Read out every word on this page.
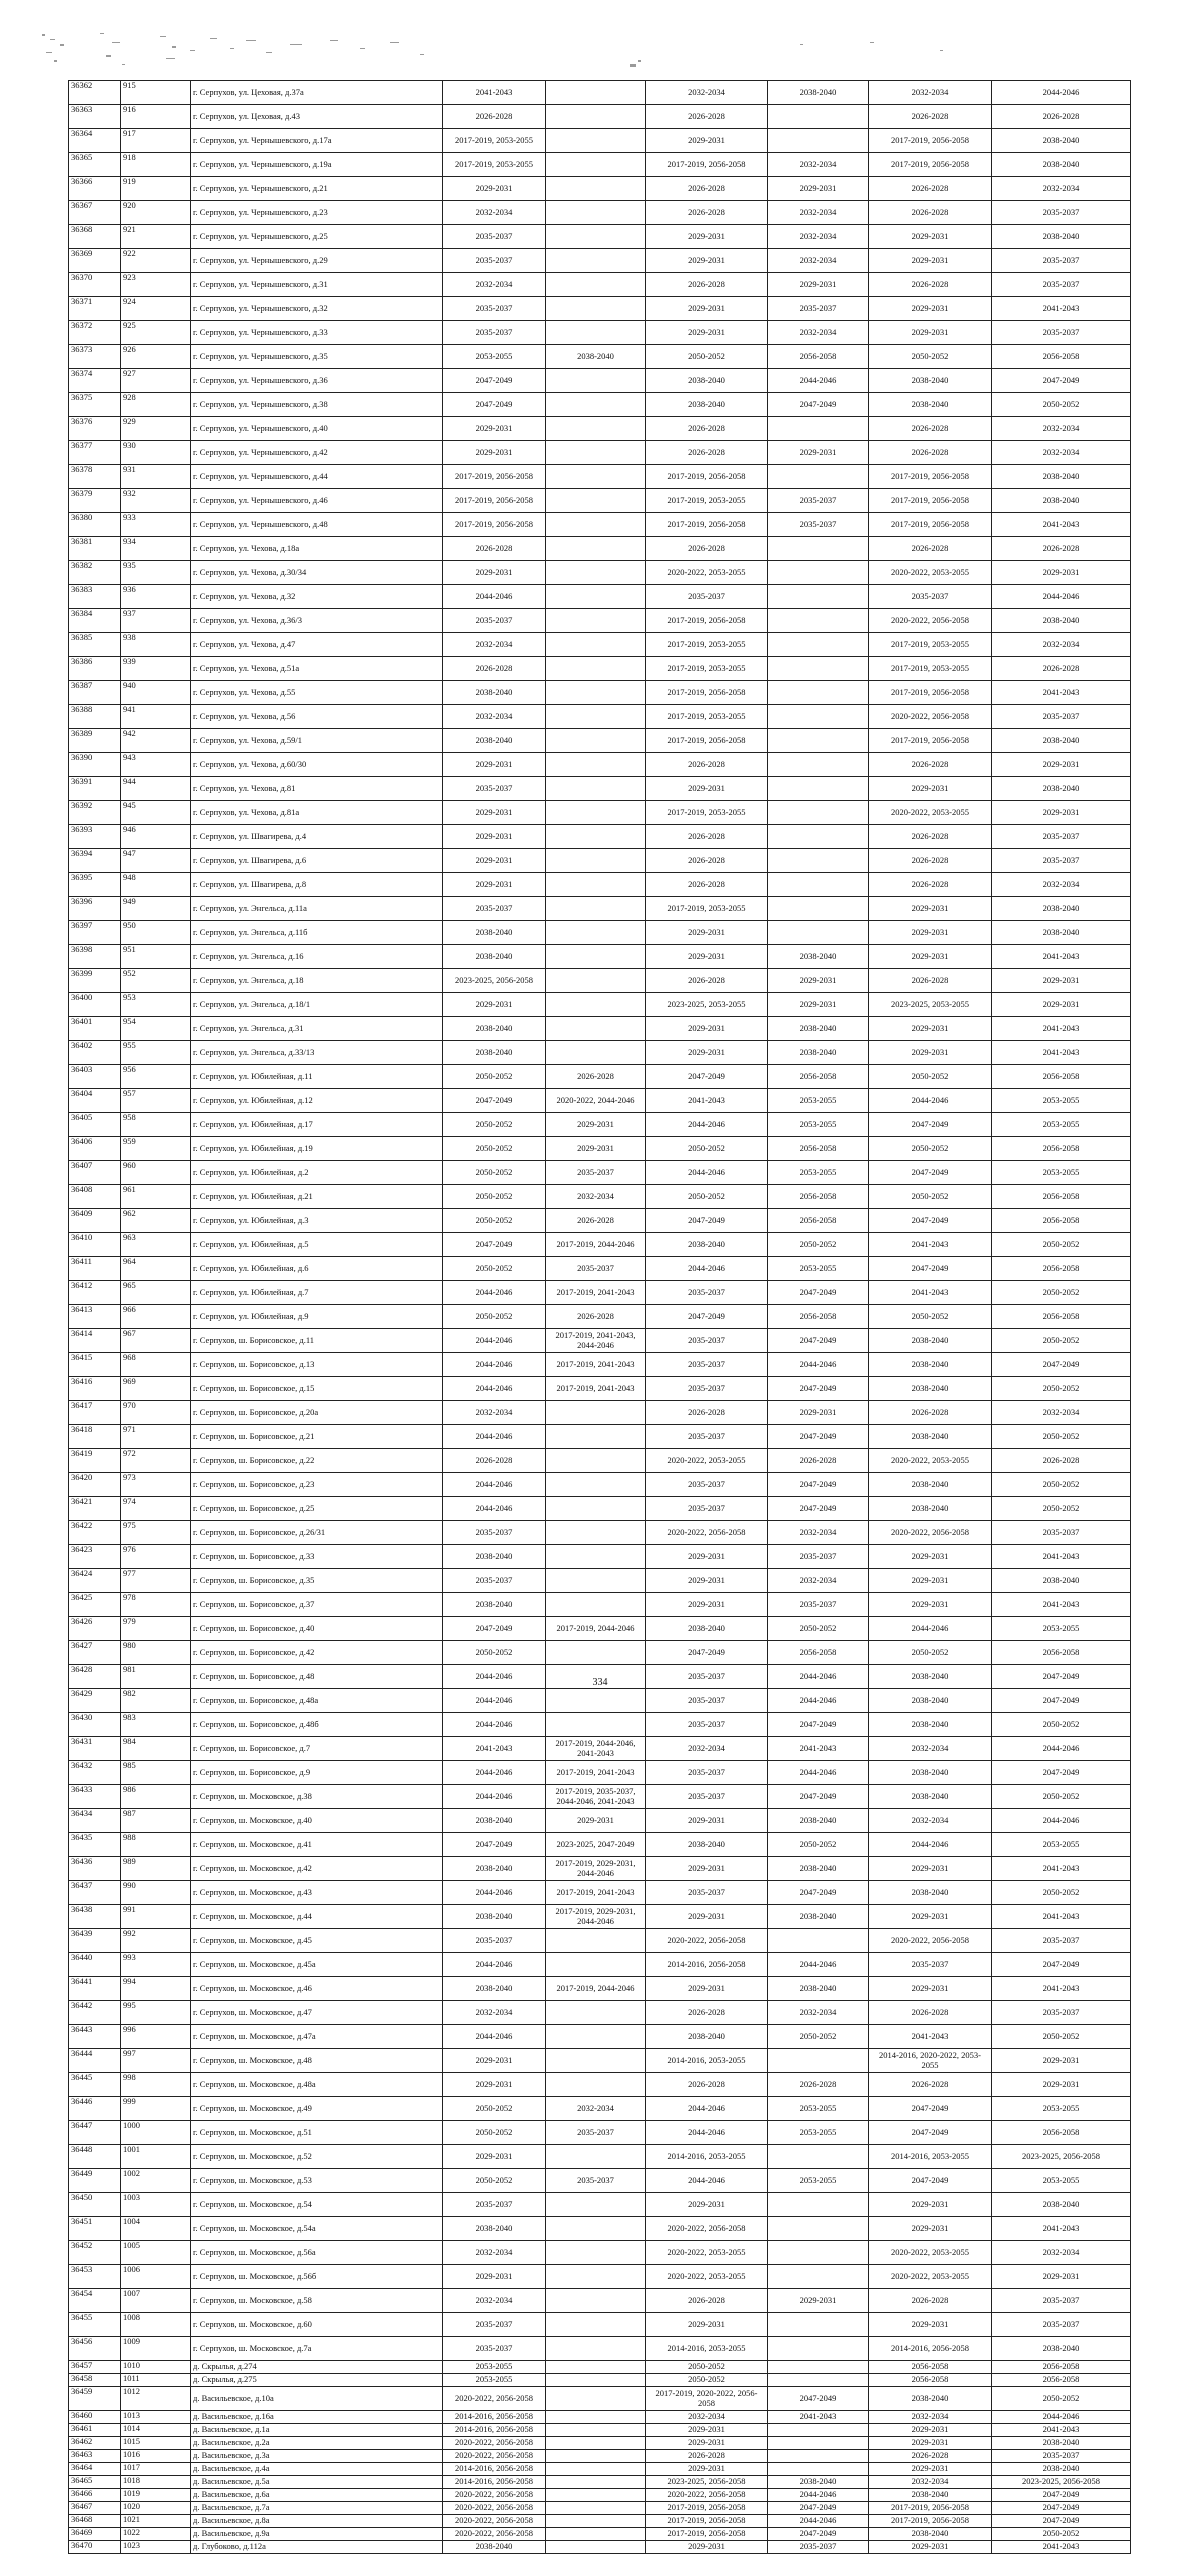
36362	915	г. Серпухов, ул. Цеховая, д.37а	2041-2043		2032-2034	2038-2040	2032-2034	2044-2046
36363	916	г. Серпухов, ул. Цеховая, д.43	2026-2028		2026-2028		2026-2028	2026-2028
36364	917	г. Серпухов, ул. Чернышевского, д.17а	2017-2019, 2053-2055		2029-2031		2017-2019, 2056-2058	2038-2040
36365	918	г. Серпухов, ул. Чернышевского, д.19а	2017-2019, 2053-2055		2017-2019, 2056-2058	2032-2034	2017-2019, 2056-2058	2038-2040
36366	919	г. Серпухов, ул. Чернышевского, д.21	2029-2031		2026-2028	2029-2031	2026-2028	2032-2034
36367	920	г. Серпухов, ул. Чернышевского, д.23	2032-2034		2026-2028	2032-2034	2026-2028	2035-2037
36368	921	г. Серпухов, ул. Чернышевского, д.25	2035-2037		2029-2031	2032-2034	2029-2031	2038-2040
36369	922	г. Серпухов, ул. Чернышевского, д.29	2035-2037		2029-2031	2032-2034	2029-2031	2035-2037
36370	923	г. Серпухов, ул. Чернышевского, д.31	2032-2034		2026-2028	2029-2031	2026-2028	2035-2037
36371	924	г. Серпухов, ул. Чернышевского, д.32	2035-2037		2029-2031	2035-2037	2029-2031	2041-2043
36372	925	г. Серпухов, ул. Чернышевского, д.33	2035-2037		2029-2031	2032-2034	2029-2031	2035-2037
36373	926	г. Серпухов, ул. Чернышевского, д.35	2053-2055	2038-2040	2050-2052	2056-2058	2050-2052	2056-2058
36374	927	г. Серпухов, ул. Чернышевского, д.36	2047-2049		2038-2040	2044-2046	2038-2040	2047-2049
36375	928	г. Серпухов, ул. Чернышевского, д.38	2047-2049		2038-2040	2047-2049	2038-2040	2050-2052
36376	929	г. Серпухов, ул. Чернышевского, д.40	2029-2031		2026-2028		2026-2028	2032-2034
36377	930	г. Серпухов, ул. Чернышевского, д.42	2029-2031		2026-2028	2029-2031	2026-2028	2032-2034
36378	931	г. Серпухов, ул. Чернышевского, д.44	2017-2019, 2056-2058		2017-2019, 2056-2058		2017-2019, 2056-2058	2038-2040
36379	932	г. Серпухов, ул. Чернышевского, д.46	2017-2019, 2056-2058		2017-2019, 2053-2055	2035-2037	2017-2019, 2056-2058	2038-2040
36380	933	г. Серпухов, ул. Чернышевского, д.48	2017-2019, 2056-2058		2017-2019, 2056-2058	2035-2037	2017-2019, 2056-2058	2041-2043
36381	934	г. Серпухов, ул. Чехова, д.18а	2026-2028		2026-2028		2026-2028	2026-2028
36382	935	г. Серпухов, ул. Чехова, д.30/34	2029-2031		2020-2022, 2053-2055		2020-2022, 2053-2055	2029-2031
36383	936	г. Серпухов, ул. Чехова, д.32	2044-2046		2035-2037		2035-2037	2044-2046
36384	937	г. Серпухов, ул. Чехова, д.36/3	2035-2037		2017-2019, 2056-2058		2020-2022, 2056-2058	2038-2040
36385	938	г. Серпухов, ул. Чехова, д.47	2032-2034		2017-2019, 2053-2055		2017-2019, 2053-2055	2032-2034
36386	939	г. Серпухов, ул. Чехова, д.51а	2026-2028		2017-2019, 2053-2055		2017-2019, 2053-2055	2026-2028
36387	940	г. Серпухов, ул. Чехова, д.55	2038-2040		2017-2019, 2056-2058		2017-2019, 2056-2058	2041-2043
36388	941	г. Серпухов, ул. Чехова, д.56	2032-2034		2017-2019, 2053-2055		2020-2022, 2056-2058	2035-2037
36389	942	г. Серпухов, ул. Чехова, д.59/1	2038-2040		2017-2019, 2056-2058		2017-2019, 2056-2058	2038-2040
36390	943	г. Серпухов, ул. Чехова, д.60/30	2029-2031		2026-2028		2026-2028	2029-2031
36391	944	г. Серпухов, ул. Чехова, д.81	2035-2037		2029-2031		2029-2031	2038-2040
36392	945	г. Серпухов, ул. Чехова, д.81а	2029-2031		2017-2019, 2053-2055		2020-2022, 2053-2055	2029-2031
36393	946	г. Серпухов, ул. Швагирева, д.4	2029-2031		2026-2028		2026-2028	2035-2037
36394	947	г. Серпухов, ул. Швагирева, д.6	2029-2031		2026-2028		2026-2028	2035-2037
36395	948	г. Серпухов, ул. Швагирева, д.8	2029-2031		2026-2028		2026-2028	2032-2034
36396	949	г. Серпухов, ул. Энгельса, д.11а	2035-2037		2017-2019, 2053-2055		2029-2031	2038-2040
36397	950	г. Серпухов, ул. Энгельса, д.11б	2038-2040		2029-2031		2029-2031	2038-2040
36398	951	г. Серпухов, ул. Энгельса, д.16	2038-2040		2029-2031	2038-2040	2029-2031	2041-2043
36399	952	г. Серпухов, ул. Энгельса, д.18	2023-2025, 2056-2058		2026-2028	2029-2031	2026-2028	2029-2031
36400	953	г. Серпухов, ул. Энгельса, д.18/1	2029-2031		2023-2025, 2053-2055	2029-2031	2023-2025, 2053-2055	2029-2031
36401	954	г. Серпухов, ул. Энгельса, д.31	2038-2040		2029-2031	2038-2040	2029-2031	2041-2043
36402	955	г. Серпухов, ул. Энгельса, д.33/13	2038-2040		2029-2031	2038-2040	2029-2031	2041-2043
36403	956	г. Серпухов, ул. Юбилейная, д.11	2050-2052	2026-2028	2047-2049	2056-2058	2050-2052	2056-2058
36404	957	г. Серпухов, ул. Юбилейная, д.12	2047-2049	2020-2022, 2044-2046	2041-2043	2053-2055	2044-2046	2053-2055
36405	958	г. Серпухов, ул. Юбилейная, д.17	2050-2052	2029-2031	2044-2046	2053-2055	2047-2049	2053-2055
36406	959	г. Серпухов, ул. Юбилейная, д.19	2050-2052	2029-2031	2050-2052	2056-2058	2050-2052	2056-2058
36407	960	г. Серпухов, ул. Юбилейная, д.2	2050-2052	2035-2037	2044-2046	2053-2055	2047-2049	2053-2055
36408	961	г. Серпухов, ул. Юбилейная, д.21	2050-2052	2032-2034	2050-2052	2056-2058	2050-2052	2056-2058
36409	962	г. Серпухов, ул. Юбилейная, д.3	2050-2052	2026-2028	2047-2049	2056-2058	2047-2049	2056-2058
36410	963	г. Серпухов, ул. Юбилейная, д.5	2047-2049	2017-2019, 2044-2046	2038-2040	2050-2052	2041-2043	2050-2052
36411	964	г. Серпухов, ул. Юбилейная, д.6	2050-2052	2035-2037	2044-2046	2053-2055	2047-2049	2056-2058
36412	965	г. Серпухов, ул. Юбилейная, д.7	2044-2046	2017-2019, 2041-2043	2035-2037	2047-2049	2041-2043	2050-2052
36413	966	г. Серпухов, ул. Юбилейная, д.9	2050-2052	2026-2028	2047-2049	2056-2058	2050-2052	2056-2058
36414	967	г. Серпухов, ш. Борисовское, д.11	2044-2046	2017-2019, 2041-2043, 2044-2046	2035-2037	2047-2049	2038-2040	2050-2052
36415	968	г. Серпухов, ш. Борисовское, д.13	2044-2046	2017-2019, 2041-2043	2035-2037	2044-2046	2038-2040	2047-2049
36416	969	г. Серпухов, ш. Борисовское, д.15	2044-2046	2017-2019, 2041-2043	2035-2037	2047-2049	2038-2040	2050-2052
36417	970	г. Серпухов, ш. Борисовское, д.20а	2032-2034		2026-2028	2029-2031	2026-2028	2032-2034
36418	971	г. Серпухов, ш. Борисовское, д.21	2044-2046		2035-2037	2047-2049	2038-2040	2050-2052
36419	972	г. Серпухов, ш. Борисовское, д.22	2026-2028		2020-2022, 2053-2055	2026-2028	2020-2022, 2053-2055	2026-2028
36420	973	г. Серпухов, ш. Борисовское, д.23	2044-2046		2035-2037	2047-2049	2038-2040	2050-2052
36421	974	г. Серпухов, ш. Борисовское, д.25	2044-2046		2035-2037	2047-2049	2038-2040	2050-2052
36422	975	г. Серпухов, ш. Борисовское, д.26/31	2035-2037		2020-2022, 2056-2058	2032-2034	2020-2022, 2056-2058	2035-2037
36423	976	г. Серпухов, ш. Борисовское, д.33	2038-2040		2029-2031	2035-2037	2029-2031	2041-2043
36424	977	г. Серпухов, ш. Борисовское, д.35	2035-2037		2029-2031	2032-2034	2029-2031	2038-2040
36425	978	г. Серпухов, ш. Борисовское, д.37	2038-2040		2029-2031	2035-2037	2029-2031	2041-2043
36426	979	г. Серпухов, ш. Борисовское, д.40	2047-2049	2017-2019, 2044-2046	2038-2040	2050-2052	2044-2046	2053-2055
36427	980	г. Серпухов, ш. Борисовское, д.42	2050-2052		2047-2049	2056-2058	2050-2052	2056-2058
36428	981	г. Серпухов, ш. Борисовское, д.48	2044-2046		2035-2037	2044-2046	2038-2040	2047-2049
36429	982	г. Серпухов, ш. Борисовское, д.48а	2044-2046		2035-2037	2044-2046	2038-2040	2047-2049
36430	983	г. Серпухов, ш. Борисовское, д.48б	2044-2046		2035-2037	2047-2049	2038-2040	2050-2052
36431	984	г. Серпухов, ш. Борисовское, д.7	2041-2043	2017-2019, 2044-2046, 2041-2043	2032-2034	2041-2043	2032-2034	2044-2046
36432	985	г. Серпухов, ш. Борисовское, д.9	2044-2046	2017-2019, 2041-2043	2035-2037	2044-2046	2038-2040	2047-2049
36433	986	г. Серпухов, ш. Московское, д.38	2044-2046	2017-2019, 2035-2037, 2044-2046, 2041-2043	2035-2037	2047-2049	2038-2040	2050-2052
36434	987	г. Серпухов, ш. Московское, д.40	2038-2040	2029-2031	2029-2031	2038-2040	2032-2034	2044-2046
36435	988	г. Серпухов, ш. Московское, д.41	2047-2049	2023-2025, 2047-2049	2038-2040	2050-2052	2044-2046	2053-2055
36436	989	г. Серпухов, ш. Московское, д.42	2038-2040	2017-2019, 2029-2031, 2044-2046	2029-2031	2038-2040	2029-2031	2041-2043
36437	990	г. Серпухов, ш. Московское, д.43	2044-2046	2017-2019, 2041-2043	2035-2037	2047-2049	2038-2040	2050-2052
36438	991	г. Серпухов, ш. Московское, д.44	2038-2040	2017-2019, 2029-2031, 2044-2046	2029-2031	2038-2040	2029-2031	2041-2043
36439	992	г. Серпухов, ш. Московское, д.45	2035-2037		2020-2022, 2056-2058		2020-2022, 2056-2058	2035-2037
36440	993	г. Серпухов, ш. Московское, д.45а	2044-2046		2014-2016, 2056-2058	2044-2046	2035-2037	2047-2049
36441	994	г. Серпухов, ш. Московское, д.46	2038-2040	2017-2019, 2044-2046	2029-2031	2038-2040	2029-2031	2041-2043
36442	995	г. Серпухов, ш. Московское, д.47	2032-2034		2026-2028	2032-2034	2026-2028	2035-2037
36443	996	г. Серпухов, ш. Московское, д.47а	2044-2046		2038-2040	2050-2052	2041-2043	2050-2052
36444	997	г. Серпухов, ш. Московское, д.48	2029-2031		2014-2016, 2053-2055		2014-2016, 2020-2022, 2053-2055	2029-2031
36445	998	г. Серпухов, ш. Московское, д.48а	2029-2031		2026-2028	2026-2028	2026-2028	2029-2031
36446	999	г. Серпухов, ш. Московское, д.49	2050-2052	2032-2034	2044-2046	2053-2055	2047-2049	2053-2055
36447	1000	г. Серпухов, ш. Московское, д.51	2050-2052	2035-2037	2044-2046	2053-2055	2047-2049	2056-2058
36448	1001	г. Серпухов, ш. Московское, д.52	2029-2031		2014-2016, 2053-2055		2014-2016, 2053-2055	2023-2025, 2056-2058
36449	1002	г. Серпухов, ш. Московское, д.53	2050-2052	2035-2037	2044-2046	2053-2055	2047-2049	2053-2055
36450	1003	г. Серпухов, ш. Московское, д.54	2035-2037		2029-2031		2029-2031	2038-2040
36451	1004	г. Серпухов, ш. Московское, д.54а	2038-2040		2020-2022, 2056-2058		2029-2031	2041-2043
36452	1005	г. Серпухов, ш. Московское, д.56а	2032-2034		2020-2022, 2053-2055		2020-2022, 2053-2055	2032-2034
36453	1006	г. Серпухов, ш. Московское, д.56б	2029-2031		2020-2022, 2053-2055		2020-2022, 2053-2055	2029-2031
36454	1007	г. Серпухов, ш. Московское, д.58	2032-2034		2026-2028	2029-2031	2026-2028	2035-2037
36455	1008	г. Серпухов, ш. Московское, д.60	2035-2037		2029-2031		2029-2031	2035-2037
36456	1009	г. Серпухов, ш. Московское, д.7а	2035-2037		2014-2016, 2053-2055		2014-2016, 2056-2058	2038-2040
36457	1010	д. Скрылья, д.274	2053-2055		2050-2052		2056-2058	2056-2058
36458	1011	д. Скрылья, д.275	2053-2055		2050-2052		2056-2058	2056-2058
36459	1012	д. Васильевское, д.10а	2020-2022, 2056-2058		2017-2019, 2020-2022, 2056-2058	2047-2049	2038-2040	2050-2052
36460	1013	д. Васильевское, д.16а	2014-2016, 2056-2058		2032-2034	2041-2043	2032-2034	2044-2046
36461	1014	д. Васильевское, д.1а	2014-2016, 2056-2058		2029-2031		2029-2031	2041-2043
36462	1015	д. Васильевское, д.2а	2020-2022, 2056-2058		2029-2031		2029-2031	2038-2040
36463	1016	д. Васильевское, д.3а	2020-2022, 2056-2058		2026-2028		2026-2028	2035-2037
36464	1017	д. Васильевское, д.4а	2014-2016, 2056-2058		2029-2031		2029-2031	2038-2040
36465	1018	д. Васильевское, д.5а	2014-2016, 2056-2058		2023-2025, 2056-2058	2038-2040	2032-2034	2023-2025, 2056-2058
36466	1019	д. Васильевское, д.6а	2020-2022, 2056-2058		2020-2022, 2056-2058	2044-2046	2038-2040	2047-2049
36467	1020	д. Васильевское, д.7а	2020-2022, 2056-2058		2017-2019, 2056-2058	2047-2049	2017-2019, 2056-2058	2047-2049
36468	1021	д. Васильевское, д.8а	2020-2022, 2056-2058		2017-2019, 2056-2058	2044-2046	2017-2019, 2056-2058	2047-2049
36469	1022	д. Васильевское, д.9а	2020-2022, 2056-2058		2017-2019, 2056-2058	2047-2049	2038-2040	2050-2052
36470	1023	д. Глубоково, д.112а	2038-2040		2029-2031	2035-2037	2029-2031	2041-2043
334
